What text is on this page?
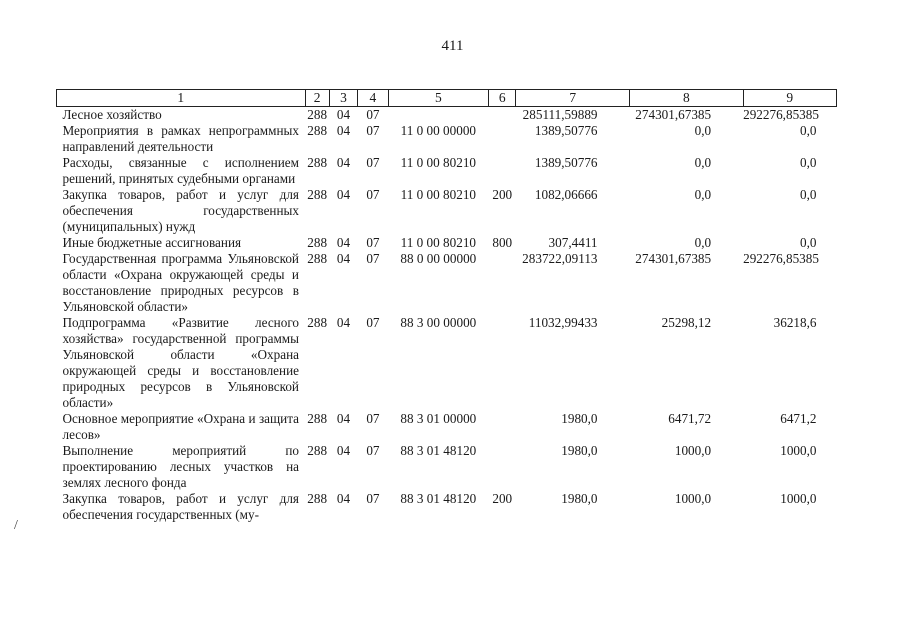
411
1	2	3	4	5	6	7	8	9
Лесное хозяйство	288	04	07			285111,59889	274301,67385	292276,85385
Мероприятия в рамках непрограммных направлений деятельности	288	04	07	11 0 00 00000		1389,50776	0,0	0,0
Расходы, связанные с исполнением решений, принятых судебными органами	288	04	07	11 0 00 80210		1389,50776	0,0	0,0
Закупка товаров, работ и услуг для обеспечения государственных (муниципальных) нужд	288	04	07	11 0 00 80210	200	1082,06666	0,0	0,0
Иные бюджетные ассигнования	288	04	07	11 0 00 80210	800	307,4411	0,0	0,0
Государственная программа Ульяновской области «Охрана окружающей среды и восстановление природных ресурсов в Ульяновской области»	288	04	07	88 0 00 00000		283722,09113	274301,67385	292276,85385
Подпрограмма «Развитие лесного хозяйства» государственной программы Ульяновской области «Охрана окружающей среды и восстановление природных ресурсов в Ульяновской области»	288	04	07	88 3 00 00000		11032,99433	25298,12	36218,6
Основное мероприятие «Охрана и защита лесов»	288	04	07	88 3 01 00000		1980,0	6471,72	6471,2
Выполнение мероприятий по проектированию лесных участков на землях лесного фонда	288	04	07	88 3 01 48120		1980,0	1000,0	1000,0
Закупка товаров, работ и услуг для обеспечения государственных (му-	288	04	07	88 3 01 48120	200	1980,0	1000,0	1000,0
/
